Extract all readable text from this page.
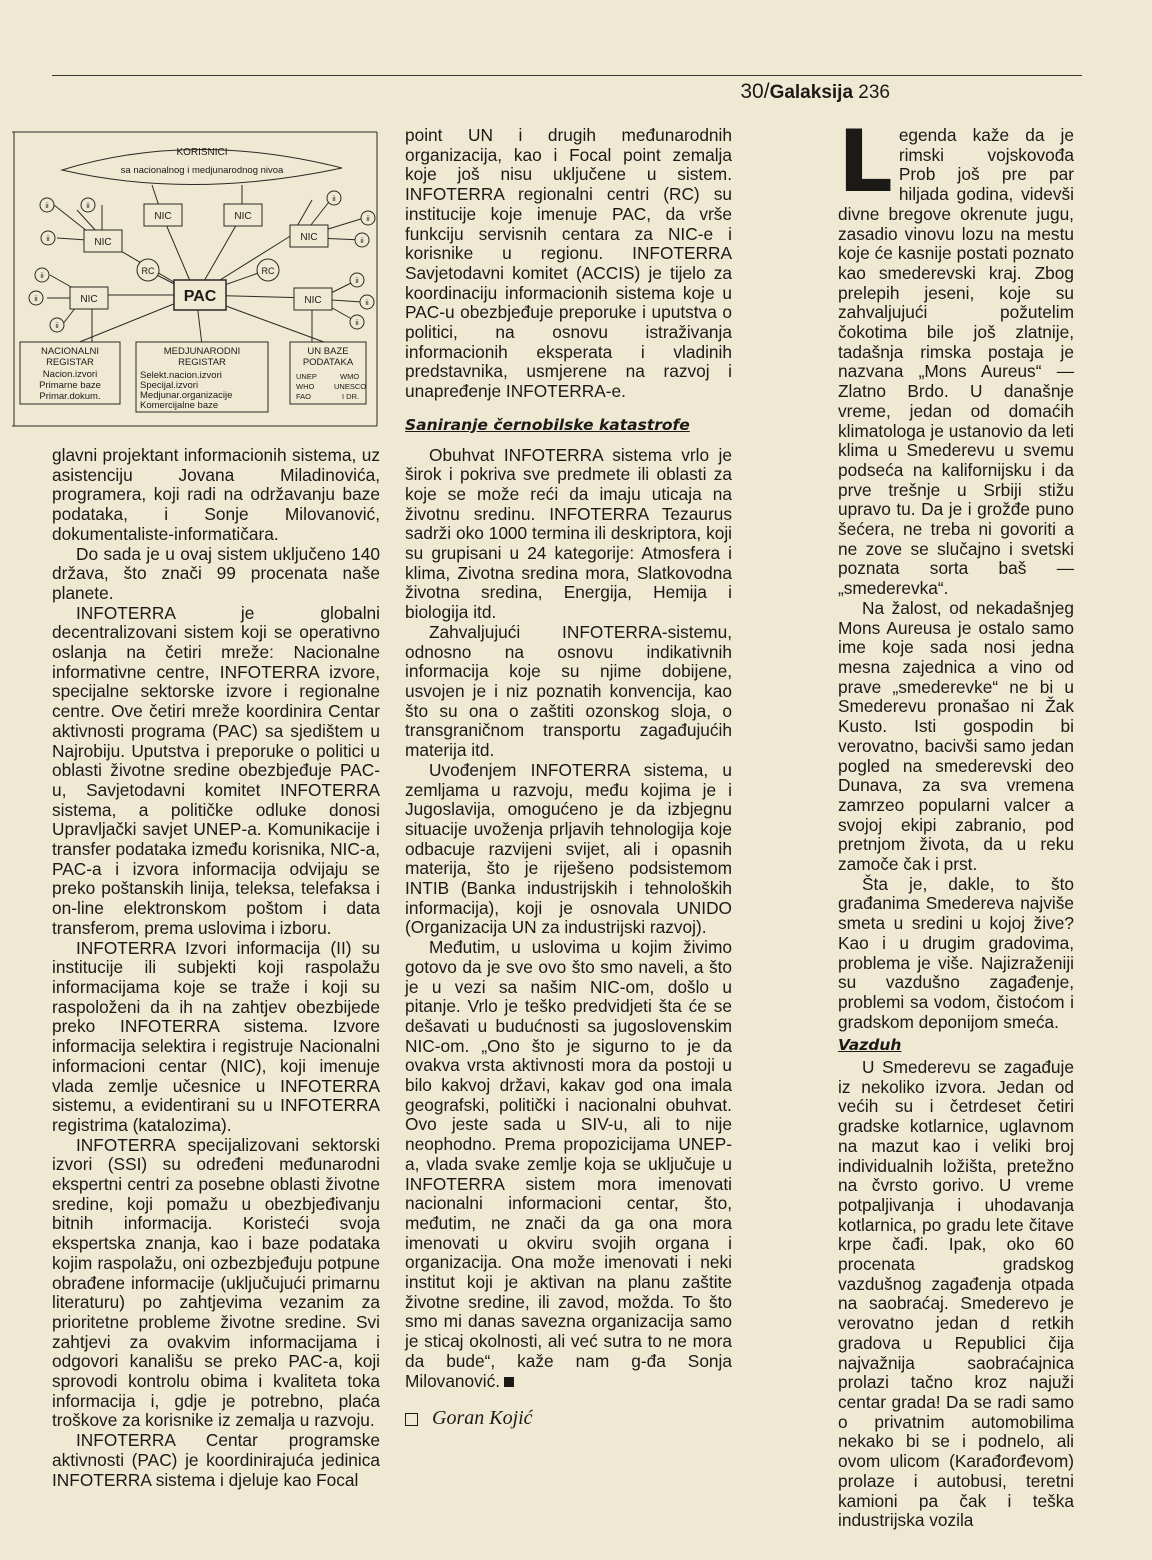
30/Galaksija 236
KORISNICI
sa nacionalnog i medjunarodnog nivoa
NIC
NIC	NIC
NIC
NIC	NIC
RC	RC
PAC
ii	ii
ii
ii
ii
ii
ii
ii
ii
ii
ii
ii
NACIONALNI
REGISTAR
Nacion.izvori
Primarne baze
Primar.dokum.
MEDJUNARODNI
REGISTAR
Selekt.nacion.izvori
Specijal.izvori
Medjunar.organizacije
Komercijalne baze
UN BAZE
PODATAKA
UNEP	WMO
WHO	UNESCO
FAO	I DR.

glavni projektant informacionih sistema, uz asistenciju Jovana Miladinovića, programera, koji radi na održavanju baze podataka, i Sonje Milovanović, dokumentaliste-informatičara.

Do sada je u ovaj sistem uključeno 140 država, što znači 99 procenata naše planete.

INFOTERRA je globalni decentralizovani sistem koji se operativno oslanja na četiri mreže: Nacionalne informativne centre, INFOTERRA izvore, specijalne sektorske izvore i regionalne centre. Ove četiri mreže koordinira Centar aktivnosti programa (PAC) sa sjedištem u Najrobiju. Uputstva i preporuke o politici u oblasti životne sredine obezbjeđuje PAC-u, Savjetodavni komitet INFOTERRA sistema, a političke odluke donosi Upravljački savjet UNEP-a. Komunikacije i transfer podataka između korisnika, NIC-a, PAC-a i izvora informacija odvijaju se preko poštanskih linija, teleksa, telefaksa i on-line elektronskom poštom i data transferom, prema uslovima i izboru.

INFOTERRA Izvori informacija (II) su institucije ili subjekti koji raspolažu informacijama koje se traže i koji su raspoloženi da ih na zahtjev obezbijede preko INFOTERRA sistema. Izvore informacija selektira i registruje Nacionalni informacioni centar (NIC), koji imenuje vlada zemlje učesnice u INFOTERRA sistemu, a evidentirani su u INFOTERRA registrima (katalozima).

INFOTERRA specijalizovani sektorski izvori (SSI) su određeni međunarodni ekspertni centri za posebne oblasti životne sredine, koji pomažu u obezbjeđivanju bitnih informacija. Koristeći svoja ekspertska znanja, kao i baze podataka kojim raspolažu, oni ozbezbjeđuju potpune obrađene informacije (uključujući primarnu literaturu) po zahtjevima vezanim za prioritetne probleme životne sredine. Svi zahtjevi za ovakvim informacijama i odgovori kanališu se preko PAC-a, koji sprovodi kontrolu obima i kvaliteta toka informacija i, gdje je potrebno, plaća troškove za korisnike iz zemalja u razvoju.

INFOTERRA Centar programske aktivnosti (PAC) je koordinirajuća jedinica INFOTERRA sistema i djeluje kao Focal

point UN i drugih međunarodnih organizacija, kao i Focal point zemalja koje još nisu uključene u sistem. INFOTERRA regionalni centri (RC) su institucije koje imenuje PAC, da vrše funkciju servisnih centara za NIC-e i korisnike u regionu. INFOTERRA Savjetodavni komitet (ACCIS) je tijelo za koordinaciju informacionih sistema koje u PAC-u obezbjeđuje preporuke i uputstva o politici, na osnovu istraživanja informacionih eksperata i vladinih predstavnika, usmjerene na razvoj i unapređenje INFOTERRA-e.

Saniranje černobilske katastrofe

Obuhvat INFOTERRA sistema vrlo je širok i pokriva sve predmete ili oblasti za koje se može reći da imaju uticaja na životnu sredinu. INFOTERRA Tezaurus sadrži oko 1000 termina ili deskriptora, koji su grupisani u 24 kategorije: Atmosfera i klima, Zivotna sredina mora, Slatkovodna životna sredina, Energija, Hemija i biologija itd.

Zahvaljujući INFOTERRA-sistemu, odnosno na osnovu indikativnih informacija koje su njime dobijene, usvojen je i niz poznatih konvencija, kao što su ona o zaštiti ozonskog sloja, o transgraničnom transportu zagađujućih materija itd.

Uvođenjem INFOTERRA sistema, u zemljama u razvoju, među kojima je i Jugoslavija, omogućeno je da izbjegnu situacije uvoženja prljavih tehnologija koje odbacuje razvijeni svijet, ali i opasnih materija, što je riješeno podsistemom INTIB (Banka industrijskih i tehnoloških informacija), koji je osnovala UNIDO (Organizacija UN za industrijski razvoj).

Međutim, u uslovima u kojim živimo gotovo da je sve ovo što smo naveli, a što je u vezi sa našim NIC-om, došlo u pitanje. Vrlo je teško predvidjeti šta će se dešavati u budućnosti sa jugoslovenskim NIC-om. „Ono što je sigurno to je da ovakva vrsta aktivnosti mora da postoji u bilo kakvoj državi, kakav god ona imala geografski, politički i nacionalni obuhvat. Ovo jeste sada u SIV-u, ali to nije neophodno. Prema propozicijama UNEP-a, vlada svake zemlje koja se uključuje u INFOTERRA sistem mora imenovati nacionalni informacioni centar, što, međutim, ne znači da ga ona mora imenovati u okviru svojih organa i organizacija. Ona može imenovati i neki institut koji je aktivan na planu zaštite životne sredine, ili zavod, možda. To što smo mi danas savezna organizacija samo je sticaj okolnosti, ali već sutra to ne mora da bude“, kaže nam g-đa Sonja Milovanović.

Goran Kojić

Legenda kaže da je rimski vojskovođa Prob još pre par hiljada godina, videvši divne bregove okrenute jugu, zasadio vinovu lozu na mestu koje će kasnije postati poznato kao smederevski kraj. Zbog prelepih jeseni, koje su zahvaljujući požutelim čokotima bile još zlatnije, tadašnja rimska postaja je nazvana „Mons Aureus“ — Zlatno Brdo. U današnje vreme, jedan od domaćih klimatologa je ustanovio da leti klima u Smederevu u svemu podseća na kalifornijsku i da prve trešnje u Srbiji stižu upravo tu. Da je i grožđe puno šećera, ne treba ni govoriti a ne zove se slučajno i svetski poznata sorta baš — „smederevka“.

Na žalost, od nekadašnjeg Mons Aureusa je ostalo samo ime koje sada nosi jedna mesna zajednica a vino od prave „smederevke“ ne bi u Smederevu pronašao ni Žak Kusto. Isti gospodin bi verovatno, bacivši samo jedan pogled na smederevski deo Dunava, za sva vremena zamrzeo popularni valcer a svojoj ekipi zabranio, pod pretnjom života, da u reku zamoče čak i prst.

Šta je, dakle, to što građanima Smedereva najviše smeta u sredini u kojoj žive? Kao i u drugim gradovima, problema je više. Najizraženiji su vazdušno zagađenje, problemi sa vodom, čistoćom i gradskom deponijom smeća.

Vazduh

U Smederevu se zagađuje iz nekoliko izvora. Jedan od većih su i četrdeset četiri gradske kotlarnice, uglavnom na mazut kao i veliki broj individualnih ložišta, pretežno na čvrsto gorivo. U vreme potpaljivanja i uhodavanja kotlarnica, po gradu lete čitave krpe čađi. Ipak, oko 60 procenata gradskog vazdušnog zagađenja otpada na saobraćaj. Smederevo je verovatno jedan d retkih gradova u Republici čija najvažnija saobraćajnica prolazi tačno kroz najuži centar grada! Da se radi samo o privatnim automobilima nekako bi se i podnelo, ali ovom ulicom (Karađorđevom) prolaze i autobusi, teretni kamioni pa čak i teška industrijska vozila
